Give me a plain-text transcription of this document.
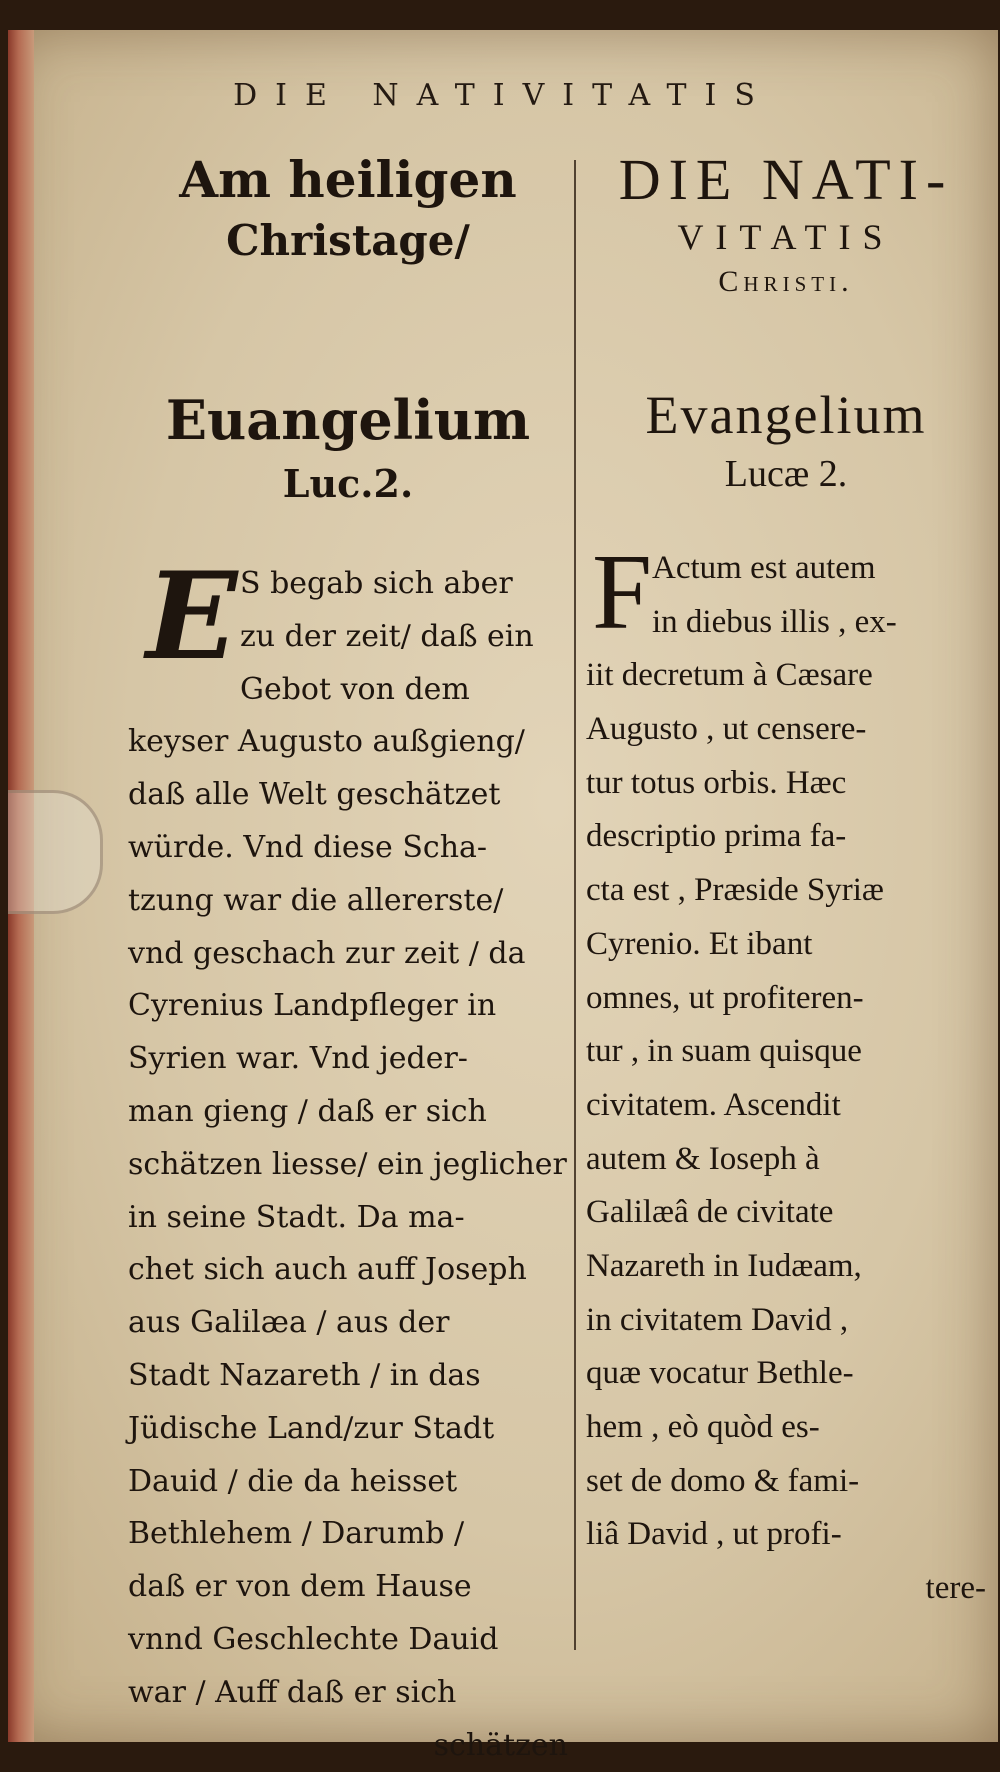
DIE NATIVITATIS

Am heiligen

Christage/

Euangelium

Luc.2.

E S begab sich aber
zu der zeit/ daß ein
Gebot von dem
keyser Augusto außgieng/
daß alle Welt geschätzet
würde. Vnd diese Scha-
tzung war die allererste/
vnd geschach zur zeit / da
Cyrenius Landpfleger in
Syrien war. Vnd jeder-
man gieng / daß er sich
schätzen liesse/ ein jeglicher
in seine Stadt. Da ma-
chet sich auch auff Joseph
aus Galilæa / aus der
Stadt Nazareth / in das
Jüdische Land/zur Stadt
Dauid / die da heisset
Bethlehem / Darumb /
daß er von dem Hause
vnnd Geschlechte Dauid
war / Auff daß er sich
schätzen

DIE NATI-

VITATIS

Christi.

Evangelium

Lucæ 2.

F Actum est autem
in diebus illis , ex-
iit decretum à Cæsare
Augusto , ut censere-
tur totus orbis. Hæc
descriptio prima fa-
cta est , Præside Syriæ
Cyrenio. Et ibant
omnes, ut profiteren-
tur , in suam quisque
civitatem. Ascendit
autem & Ioseph à
Galilæâ de civitate
Nazareth in Iudæam,
in civitatem David ,
quæ vocatur Bethle-
hem , eò quòd es-
set de domo & fami-
liâ David , ut profi-
tere-
